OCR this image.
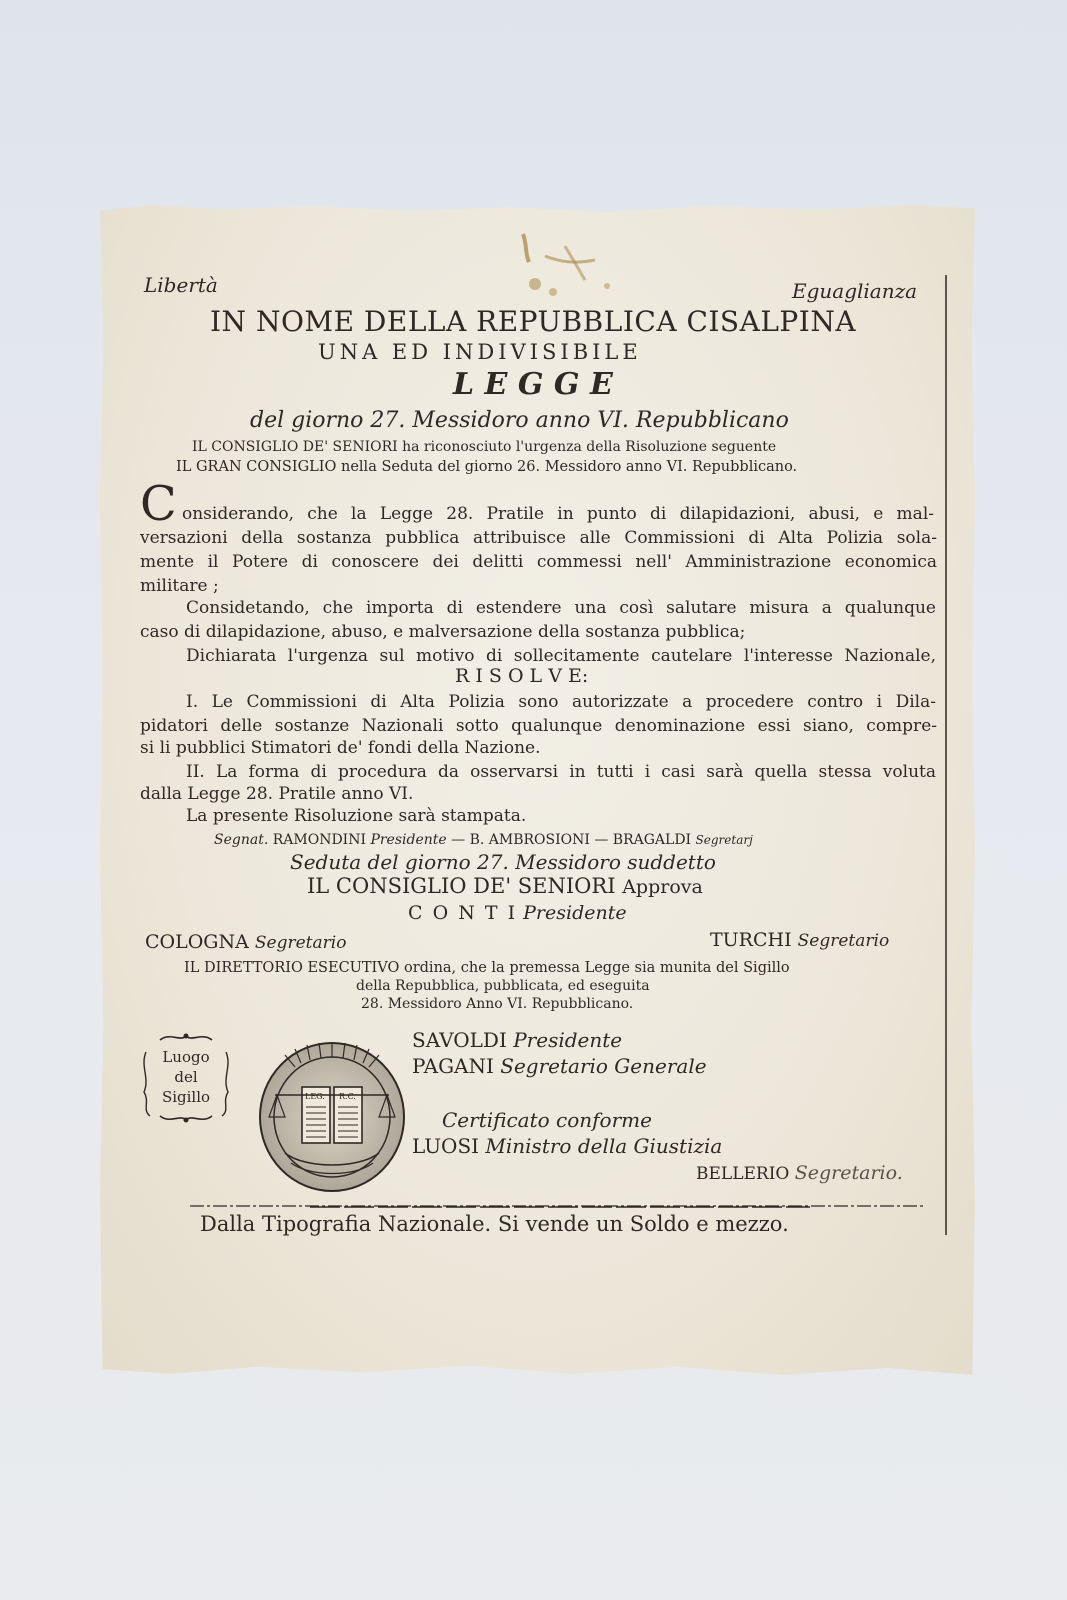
Libertà	Eguaglianza
IN NOME DELLA REPUBBLICA CISALPINA
UNA ED INDIVISIBILE
L E G G E
del giorno 27. Messidoro anno VI. Repubblicano
IL CONSIGLIO DE' SENIORI ha riconosciuto l'urgenza della Risoluzione seguente
IL GRAN CONSIGLIO nella Seduta del giorno 26. Messidoro anno VI. Repubblicano.
C onsiderando, che la Legge 28. Pratile in punto di dilapidazioni, abusi, e mal-
versazioni della sostanza pubblica attribuisce alle Commissioni di Alta Polizia sola-
mente il Potere di conoscere dei delitti commessi nell' Amministrazione economica
militare ;
Considetando, che importa di estendere una così salutare misura a qualunque
caso di dilapidazione, abuso, e malversazione della sostanza pubblica;
Dichiarata l'urgenza sul motivo di sollecitamente cautelare l'interesse Nazionale,
R I S O L V E:
I. Le Commissioni di Alta Polizia sono autorizzate a procedere contro i Dila-
pidatori delle sostanze Nazionali sotto qualunque denominazione essi siano, compre-
si li pubblici Stimatori de' fondi della Nazione.
II. La forma di procedura da osservarsi in tutti i casi sarà quella stessa voluta
dalla Legge 28. Pratile anno VI.
La presente Risoluzione sarà stampata.
Segnat. RAMONDINI Presidente — B. AMBROSIONI — BRAGALDI Segretarj
Seduta del giorno 27. Messidoro suddetto
IL CONSIGLIO DE' SENIORI Approva
C O N T I Presidente
COLOGNA Segretario	TURCHI Segretario
IL DIRETTORIO ESECUTIVO ordina, che la premessa Legge sia munita del Sigillo
della Repubblica, pubblicata, ed eseguita
28. Messidoro Anno VI. Repubblicano.
Luogo
del
Sigillo	LEG. R.C.
SAVOLDI Presidente
PAGANI Segretario Generale
Certificato conforme
LUOSI Ministro della Giustizia
BELLERIO Segretario.
Dalla Tipografia Nazionale. Si vende un Soldo e mezzo.
